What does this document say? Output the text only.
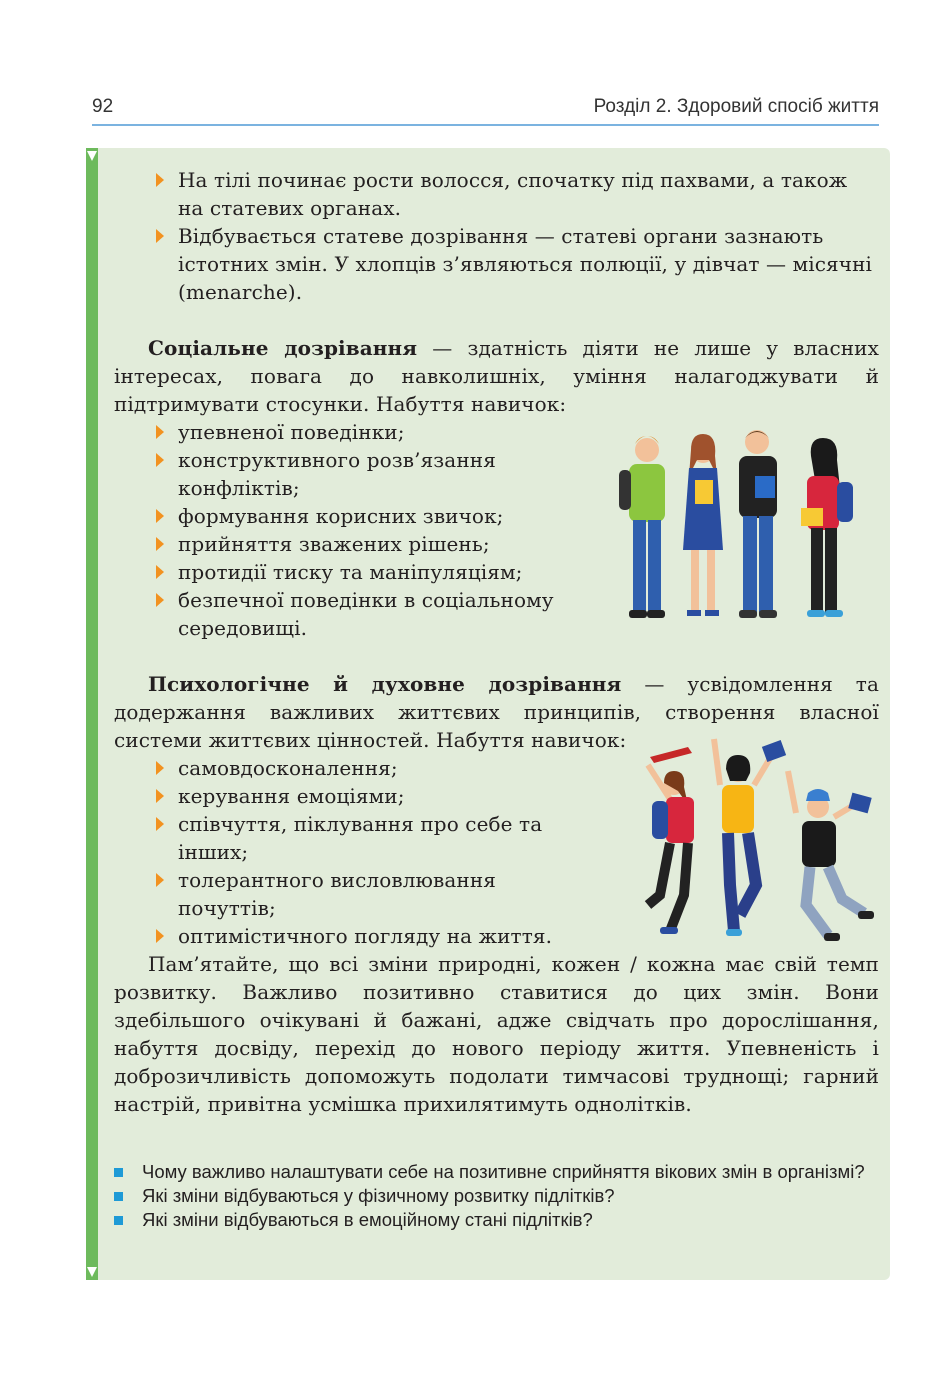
92	Розділ 2. Здоровий спосіб життя
На тілі починає рости волосся, спочатку під пахвами, а також на статевих органах.
Відбувається статеве дозрівання — статеві органи зазнають істотних змін. У хлопців з’являються полюції, у дівчат — місячні (menarche).

Соціальне дозрівання — здатність діяти не лише у власних інтересах, повага до навколишніх, уміння налагоджувати й підтримувати стосунки. Набуття навичок:

упевненої поведінки;
конструктивного розв’язання конфліктів;
формування корисних звичок;
прийняття зважених рішень;
протидії тиску та маніпуляціям;
безпечної поведінки в соціальному середовищі.

Психологічне й духовне дозрівання — усвідомлення та додержання важливих життєвих принципів, створення власної системи життєвих цінностей. Набуття навичок:

самовдосконалення;
керування емоціями;
співчуття, піклування про себе та інших;
толерантного висловлювання почуттів;
оптимістичного погляду на життя.

Пам’ятайте, що всі зміни природні, кожен / кожна має свій темп розвитку. Важливо позитивно ставитися до цих змін. Вони здебільшого очікувані й бажані, адже свідчать про дорослішання, набуття досвіду, перехід до нового періоду життя. Упевненість і доброзичливість допоможуть подолати тимчасові труднощі; гарний настрій, привітна усмішка прихилятимуть однолітків.

Чому важливо налаштувати себе на позитивне сприйняття вікових змін в організмі?
Які зміни відбуваються у фізичному розвитку підлітків?
Які зміни відбуваються в емоційному стані підлітків?
